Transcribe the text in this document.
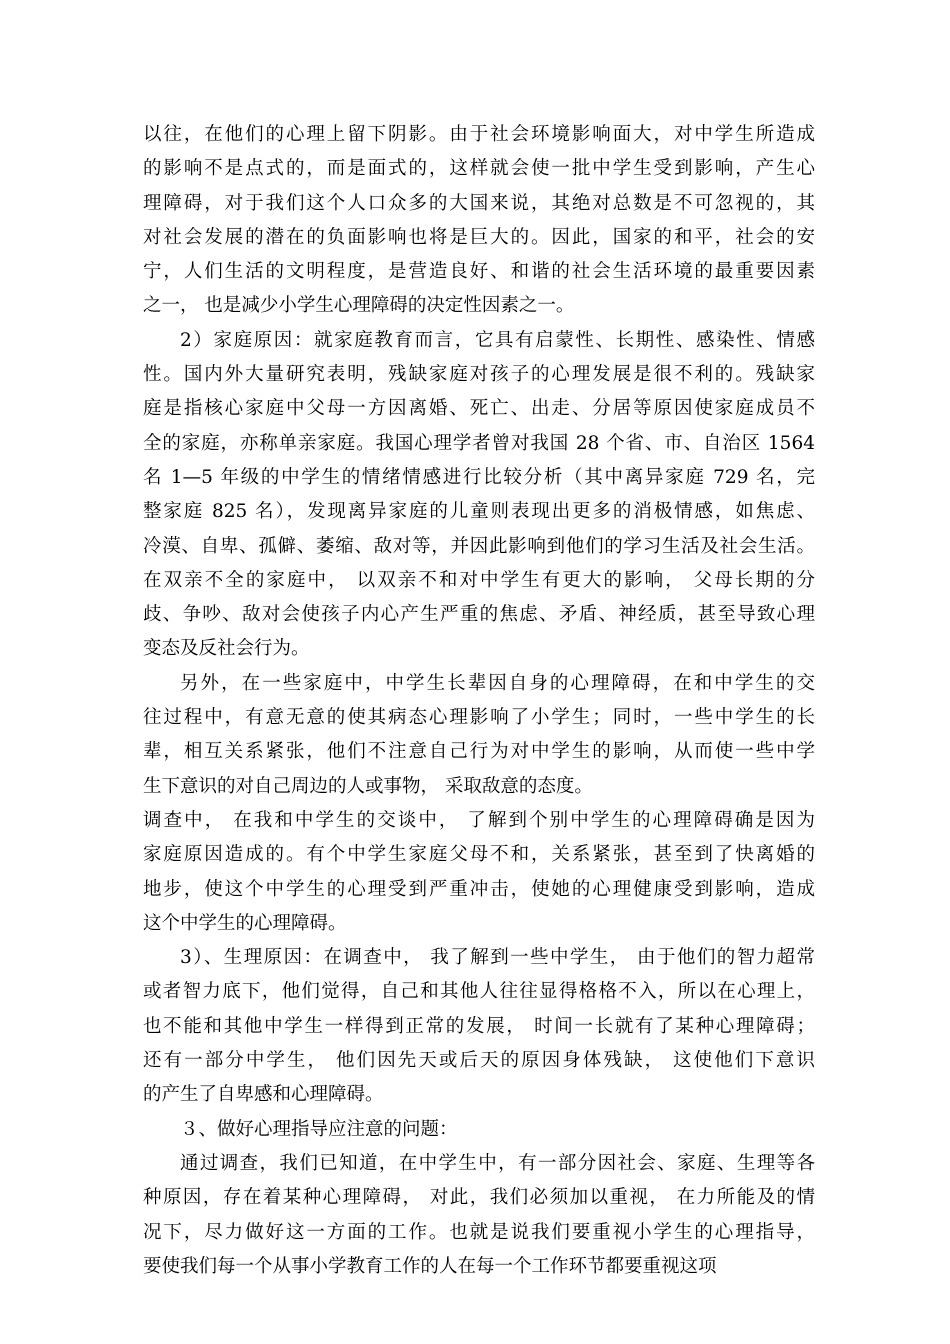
以往，在他们的心理上留下阴影。由于社会环境影响面大，对中学生所造成
的影响不是点式的，而是面式的，这样就会使一批中学生受到影响，产生心
理障碍，对于我们这个人口众多的大国来说，其绝对总数是不可忽视的，其
对社会发展的潜在的负面影响也将是巨大的。因此，国家的和平，社会的安
宁，人们生活的文明程度，是营造良好、和谐的社会生活环境的最重要因素
之一， 也是减少小学生心理障碍的决定性因素之一。
2）家庭原因：就家庭教育而言，它具有启蒙性、长期性、感染性、情感
性。国内外大量研究表明，残缺家庭对孩子的心理发展是很不利的。残缺家
庭是指核心家庭中父母一方因离婚、死亡、出走、分居等原因使家庭成员不
全的家庭，亦称单亲家庭。我国心理学者曾对我国 28 个省、市、自治区 1564
名 1—5 年级的中学生的情绪情感进行比较分析（其中离异家庭 729 名，完
整家庭 825 名），发现离异家庭的儿童则表现出更多的消极情感，如焦虑、
冷漠、自卑、孤僻、萎缩、敌对等，并因此影响到他们的学习生活及社会生活。
在双亲不全的家庭中， 以双亲不和对中学生有更大的影响， 父母长期的分
歧、争吵、敌对会使孩子内心产生严重的焦虑、矛盾、神经质，甚至导致心理
变态及反社会行为。
另外，在一些家庭中，中学生长辈因自身的心理障碍，在和中学生的交
往过程中，有意无意的使其病态心理影响了小学生；同时，一些中学生的长
辈，相互关系紧张，他们不注意自己行为对中学生的影响，从而使一些中学
生下意识的对自己周边的人或事物， 采取敌意的态度。
调查中， 在我和中学生的交谈中， 了解到个别中学生的心理障碍确是因为
家庭原因造成的。有个中学生家庭父母不和，关系紧张，甚至到了快离婚的
地步，使这个中学生的心理受到严重冲击，使她的心理健康受到影响，造成
这个中学生的心理障碍。
3）、生理原因：在调查中， 我了解到一些中学生， 由于他们的智力超常
或者智力底下，他们觉得，自己和其他人往往显得格格不入，所以在心理上，
也不能和其他中学生一样得到正常的发展， 时间一长就有了某种心理障碍；
还有一部分中学生， 他们因先天或后天的原因身体残缺， 这使他们下意识
的产生了自卑感和心理障碍。
３、做好心理指导应注意的问题：
通过调查，我们已知道，在中学生中，有一部分因社会、家庭、生理等各
种原因，存在着某种心理障碍， 对此，我们必须加以重视， 在力所能及的情
况下，尽力做好这一方面的工作。也就是说我们要重视小学生的心理指导，
要使我们每一个从事小学教育工作的人在每一个工作环节都要重视这项
